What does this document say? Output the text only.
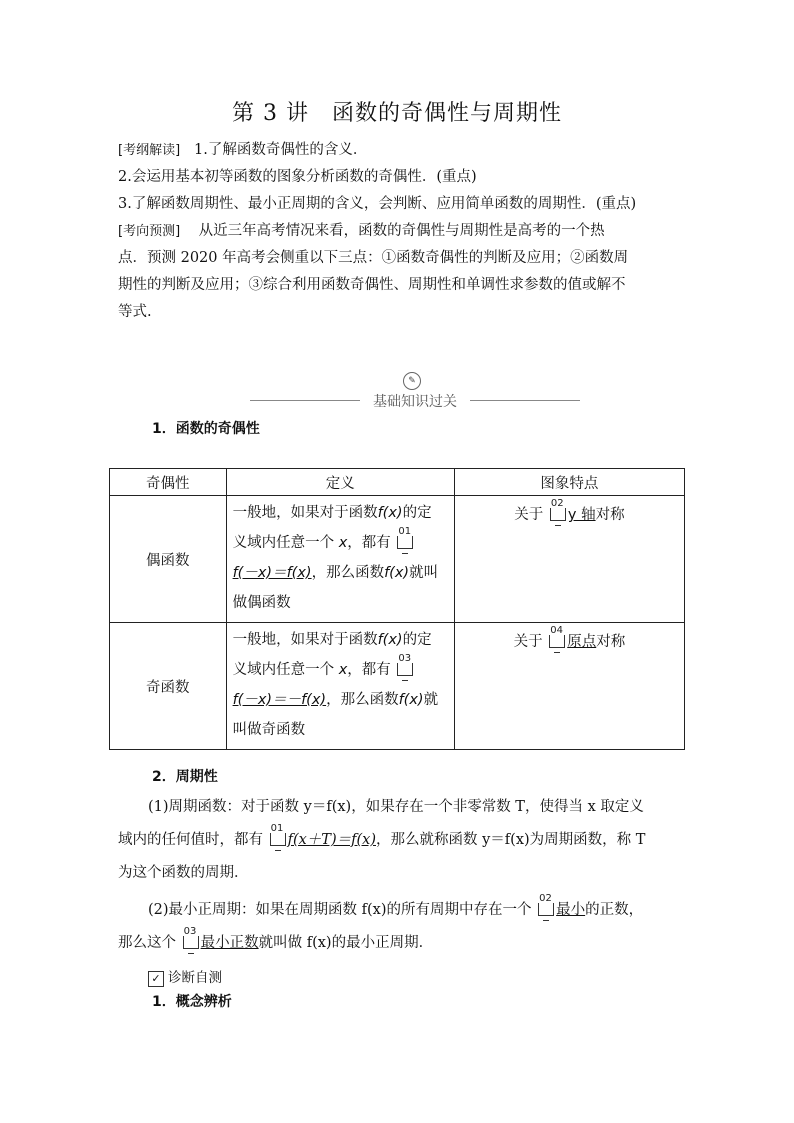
第 3 讲　函数的奇偶性与周期性
[考纲解读] 1.了解函数奇偶性的含义．
2.会运用基本初等函数的图象分析函数的奇偶性．(重点)
3.了解函数周期性、最小正周期的含义，会判断、应用简单函数的周期性．(重点)
[考向预测] 从近三年高考情况来看，函数的奇偶性与周期性是高考的一个热
点．预测 2020 年高考会侧重以下三点：①函数奇偶性的判断及应用；②函数周
期性的判断及应用；③综合利用函数奇偶性、周期性和单调性求参数的值或解不
等式.
✎
基础知识过关
1．函数的奇偶性
奇偶性	定义	图象特点
偶函数	一般地，如果对于函数f(x)的定
义域内任意一个 x，都有
01

f(－x)＝f(x)，那么函数f(x)就叫
做偶函数	关于
02
y 轴对称
奇函数	一般地，如果对于函数f(x)的定
义域内任意一个 x，都有
03

f(－x)＝－f(x)，那么函数f(x)就
叫做奇函数	关于
04
原点对称
2．周期性
(1)周期函数：对于函数 y＝f(x)，如果存在一个非零常数 T，使得当 x 取定义
域内的任何值时，都有
01
f(x＋T)＝f(x)，那么就称函数 y＝f(x)为周期函数，称 T
为这个函数的周期．
(2)最小正周期：如果在周期函数 f(x)的所有周期中存在一个
02
最小的正数，
那么这个
03
最小正数就叫做 f(x)的最小正周期．
✓ 诊断自测
1．概念辨析
